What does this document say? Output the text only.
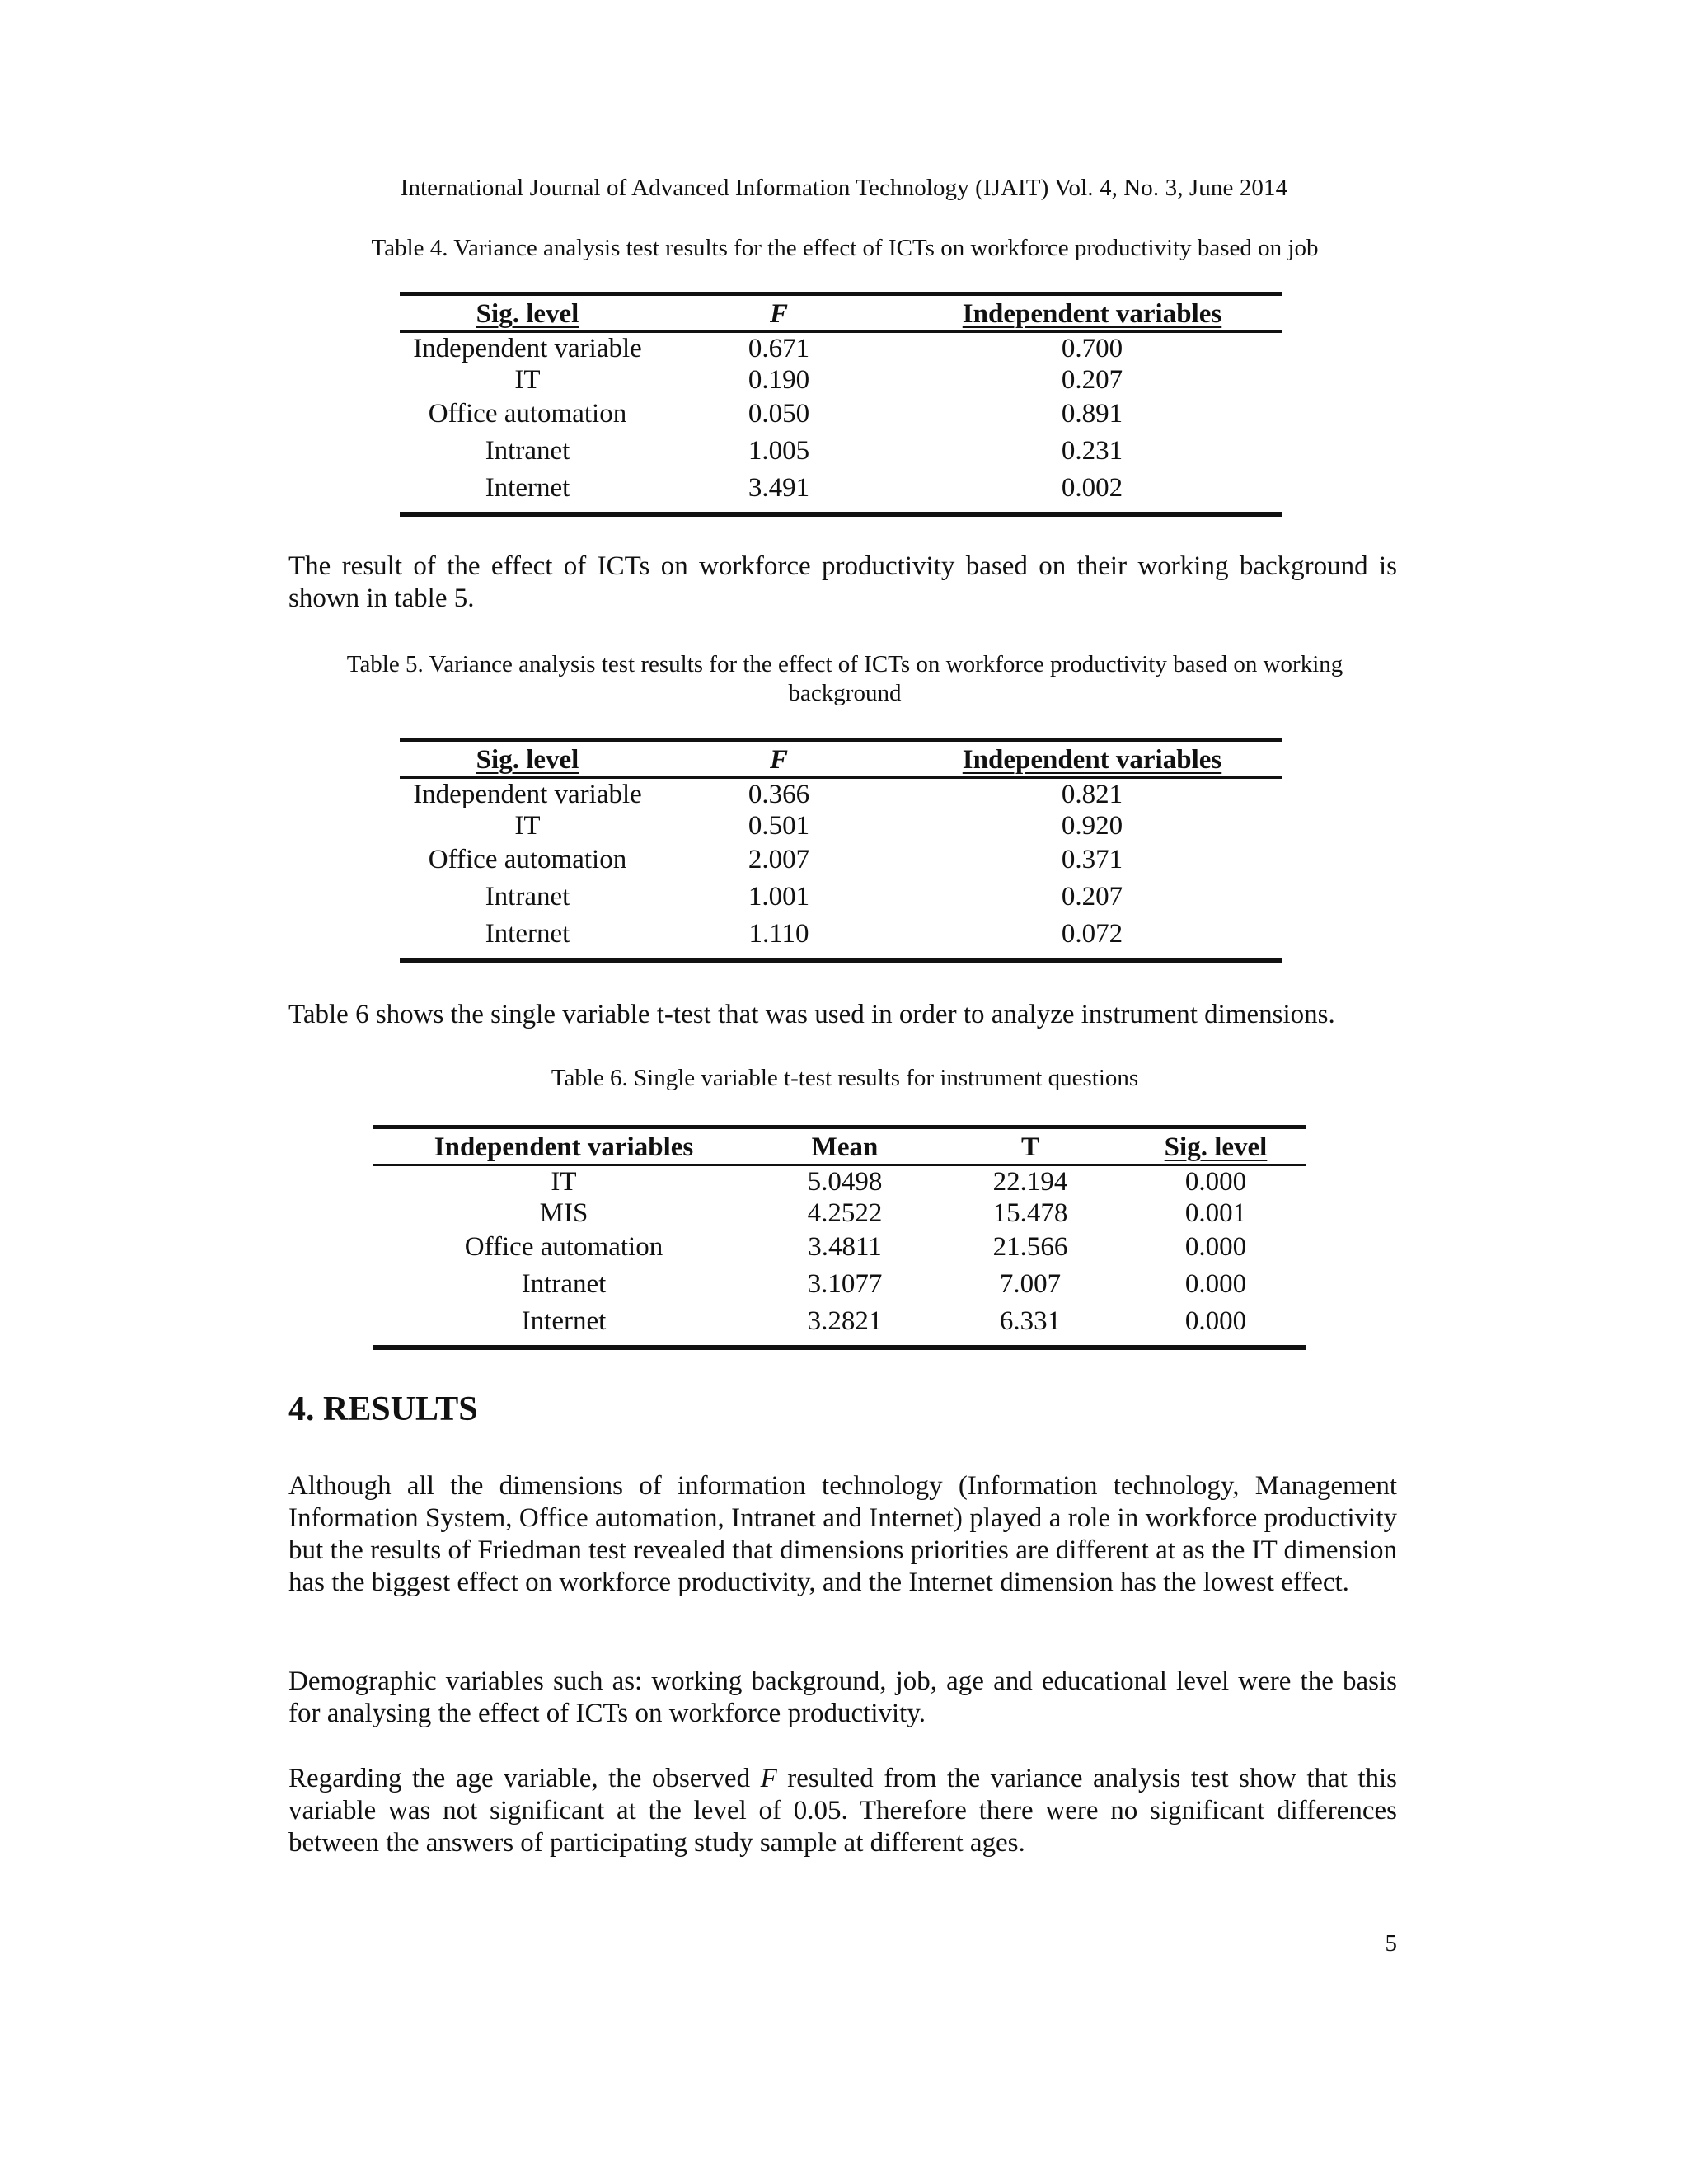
International Journal of Advanced Information Technology (IJAIT) Vol. 4, No. 3, June 2014
Table 4. Variance analysis test results for the effect of ICTs on workforce productivity based on job
Sig. level	F	Independent variables
Independent variable	0.671	0.700
IT	0.190	0.207
Office automation	0.050	0.891
Intranet	1.005	0.231
Internet	3.491	0.002
The result of the effect of ICTs on workforce productivity based on their working background is shown in table 5.
Table 5. Variance analysis test results for the effect of ICTs on workforce productivity based on working
background
Sig. level	F	Independent variables
Independent variable	0.366	0.821
IT	0.501	0.920
Office automation	2.007	0.371
Intranet	1.001	0.207
Internet	1.110	0.072
Table 6 shows the single variable t-test that was used in order to analyze instrument dimensions.
Table 6. Single variable t-test results for instrument questions
Independent variables	Mean	T	Sig. level
IT	5.0498	22.194	0.000
MIS	4.2522	15.478	0.001
Office automation	3.4811	21.566	0.000
Intranet	3.1077	7.007	0.000
Internet	3.2821	6.331	0.000
4. RESULTS
Although all the dimensions of information technology (Information technology, Management Information System, Office automation, Intranet and Internet) played a role in workforce productivity but the results of Friedman test revealed that dimensions priorities are different at as the IT dimension has the biggest effect on workforce productivity, and the Internet dimension has the lowest effect.
Demographic variables such as: working background, job, age and educational level were the basis for analysing the effect of ICTs on workforce productivity.
Regarding the age variable, the observed F resulted from the variance analysis test show that this variable was not significant at the level of 0.05. Therefore there were no significant differences between the answers of participating study sample at different ages.
5
